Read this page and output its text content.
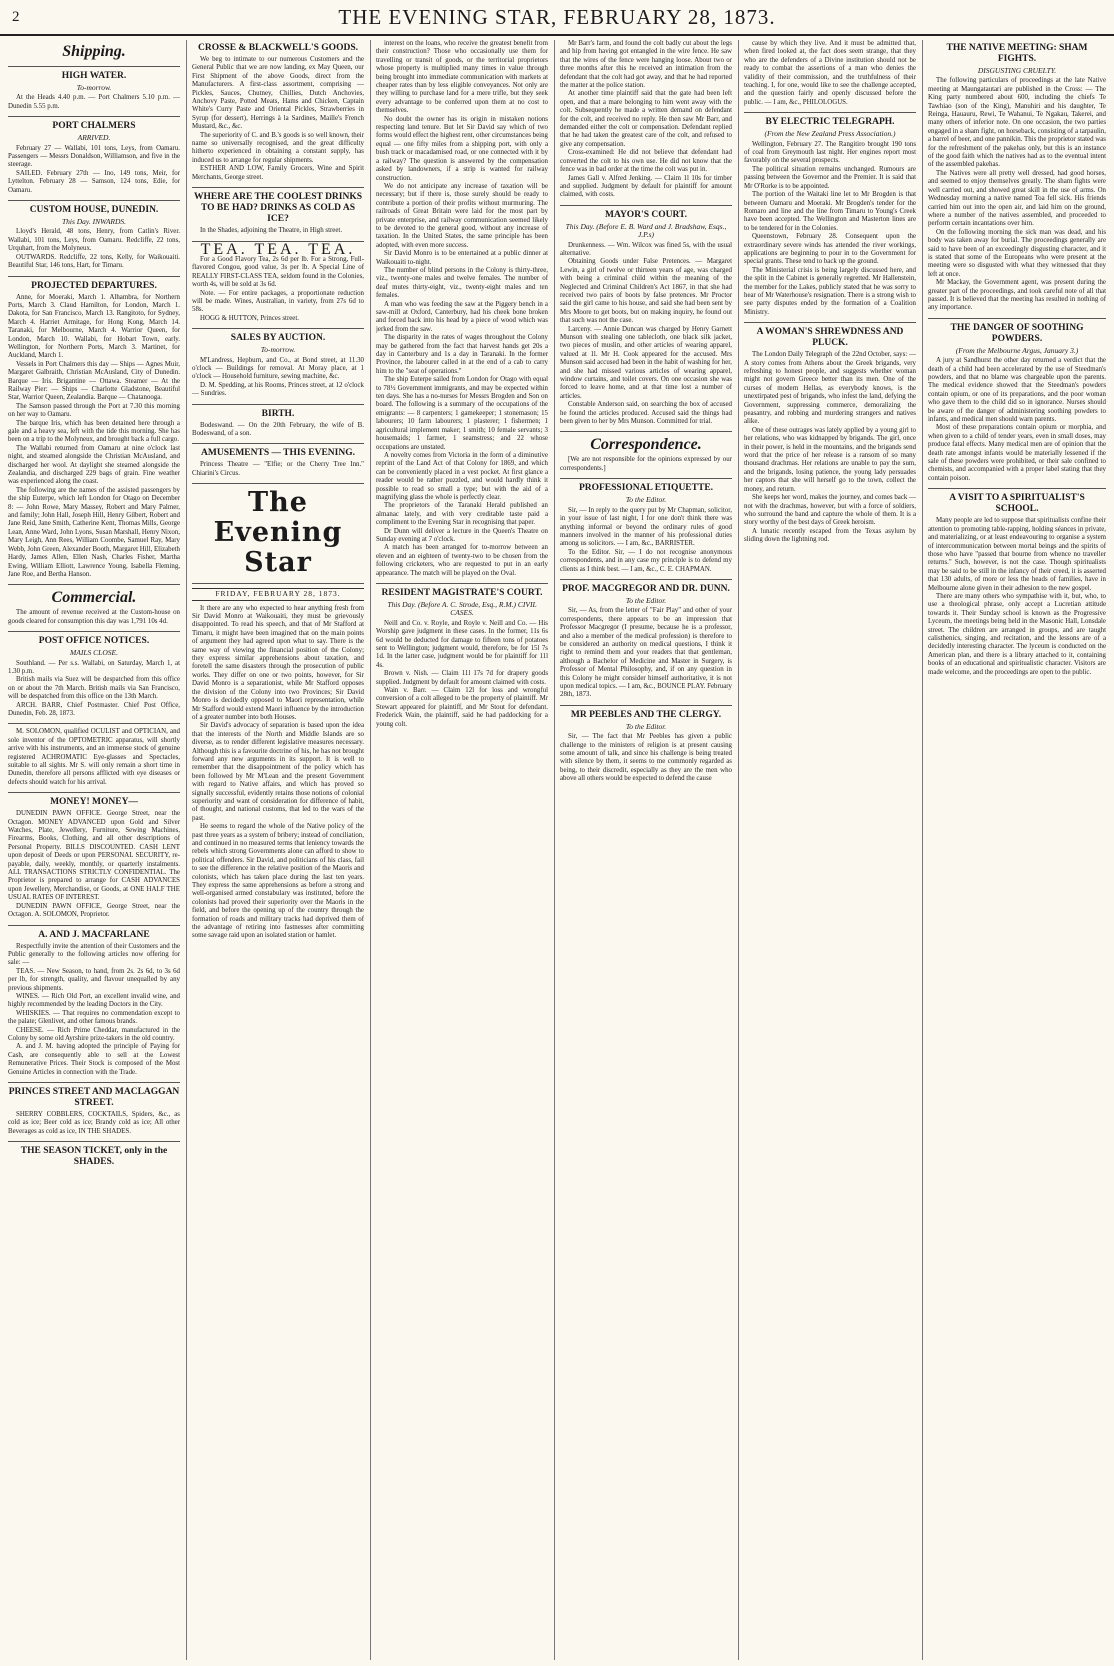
2	THE EVENING STAR, FEBRUARY 28, 1873.
Shipping.
HIGH WATER.
To-morrow.

At the Heads 4.40 p.m. — Port Chalmers 5.10 p.m. — Dunedin 5.55 p.m.

PORT CHALMERS
ARRIVED.

February 27 — Wallabi, 101 tons, Leys, from Oamaru. Passengers — Messrs Donaldson, Williamson, and five in the steerage.

SAILED. February 27th — Ino, 149 tons, Meir, for Lyttelton. February 28 — Samson, 124 tons, Edie, for Oamaru.

CUSTOM HOUSE, DUNEDIN.
This Day. INWARDS.

Lloyd's Herald, 48 tons, Henry, from Catlin's River. Wallabi, 101 tons, Leys, from Oamaru. Redcliffe, 22 tons, Urquhart, from the Molyneux.

OUTWARDS. Redcliffe, 22 tons, Kelly, for Waikouaiti. Beautiful Star, 146 tons, Hart, for Timaru.

PROJECTED DEPARTURES.

Anne, for Moeraki, March 1. Alhambra, for Northern Ports, March 3. Claud Hamilton, for London, March 1. Dakota, for San Francisco, March 13. Rangitoto, for Sydney, March 4. Harriet Armitage, for Hong Kong, March 14. Taranaki, for Melbourne, March 4. Warrior Queen, for London, March 10. Wallabi, for Hobart Town, early. Wellington, for Northern Ports, March 3. Martinet, for Auckland, March 1.

Vessels in Port Chalmers this day — Ships — Agnes Muir, Margaret Galbraith, Christian McAusland, City of Dunedin. Barque — Iris. Brigantine — Ottawa. Steamer — At the Railway Pier: — Ships — Charlotte Gladstone, Beautiful Star, Warrior Queen, Zealandia. Barque — Chatanooga.

The Samson passed through the Port at 7.30 this morning on her way to Oamaru.

The barque Iris, which has been detained here through a gale and a heavy sea, left with the tide this morning. She has been on a trip to the Molyneux, and brought back a full cargo.

The Wallabi returned from Oamaru at nine o'clock last night, and steamed alongside the Christian McAusland, and discharged her wool. At daylight she steamed alongside the Zealandia, and discharged 229 bags of grain. Fine weather was experienced along the coast.

The following are the names of the assisted passengers by the ship Euterpe, which left London for Otago on December 8: — John Rowe, Mary Massey, Robert and Mary Palmer, and family; John Hall, Joseph Hill, Henry Gilbert, Robert and Jane Reid, Jane Smith, Catherine Kent, Thomas Mills, George Lean, Anne Ward, John Lyons, Susan Marshall, Henry Nixon, Mary Leigh, Ann Rees, William Coombe, Samuel Ray, Mary Webb, John Green, Alexander Booth, Margaret Hill, Elizabeth Hardy, James Allen, Ellen Nash, Charles Fisher, Martha Ewing, William Elliott, Lawrence Young, Isabella Fleming, Jane Roe, and Bertha Hanson.

Commercial.

The amount of revenue received at the Custom-house on goods cleared for consumption this day was 1,791 10s 4d.

POST OFFICE NOTICES.
MAILS CLOSE.

Southland. — Per s.s. Wallabi, on Saturday, March 1, at 1.30 p.m.

British mails via Suez will be despatched from this office on or about the 7th March. British mails via San Francisco, will be despatched from this office on the 13th March.

ARCH. BARR, Chief Postmaster. Chief Post Office, Dunedin, Feb. 28, 1873.

M. SOLOMON, qualified OCULIST and OPTICIAN, and sole inventor of the OPTOMETRIC apparatus, will shortly arrive with his instruments, and an immense stock of genuine registered ACHROMATIC Eye-glasses and Spectacles, suitable to all sights. Mr S. will only remain a short time in Dunedin, therefore all persons afflicted with eye diseases or defects should watch for his arrival.

MONEY! MONEY—

DUNEDIN PAWN OFFICE. George Street, near the Octagon. MONEY ADVANCED upon Gold and Silver Watches, Plate, Jewellery, Furniture, Sewing Machines, Firearms, Books, Clothing, and all other descriptions of Personal Property. BILLS DISCOUNTED. CASH LENT upon deposit of Deeds or upon PERSONAL SECURITY, re-payable, daily, weekly, monthly, or quarterly instalments. ALL TRANSACTIONS STRICTLY CONFIDENTIAL. The Proprietor is prepared to arrange for CASH ADVANCES upon Jewellery, Merchandise, or Goods, at ONE HALF THE USUAL RATES OF INTEREST.

DUNEDIN PAWN OFFICE, George Street, near the Octagon. A. SOLOMON, Proprietor.

A. AND J. MACFARLANE

Respectfully invite the attention of their Customers and the Public generally to the following articles now offering for sale: —

TEAS. — New Season, to hand, from 2s. 2s 6d, to 3s 6d per lb, for strength, quality, and flavour unequalled by any previous shipments.

WINES. — Rich Old Port, an excellent invalid wine, and highly recommended by the leading Doctors in the City.

WHISKIES. — That requires no commendation except to the palate; Glenlivet, and other famous brands.

CHEESE. — Rich Prime Cheddar, manufactured in the Colony by some old Ayrshire prize-takers in the old country.

A. and J. M. having adopted the principle of Paying for Cash, are consequently able to sell at the Lowest Remunerative Prices. Their Stock is composed of the Most Genuine Articles in connection with the Trade.

PRINCES STREET AND MACLAGGAN STREET.

SHERRY COBBLERS, COCKTAILS, Spiders, &c., as cold as ice; Beer cold as ice; Brandy cold as ice; All other Beverages as cold as ice, IN THE SHADES.

THE SEASON TICKET, only in the SHADES.
CROSSE & BLACKWELL'S GOODS.

We beg to intimate to our numerous Customers and the General Public that we are now landing, ex May Queen, our First Shipment of the above Goods, direct from the Manufacturers. A first-class assortment, comprising — Pickles, Sauces, Chutney, Chillies, Dutch Anchovies, Anchovy Paste, Potted Meats, Hams and Chicken, Captain White's Curry Paste and Oriental Pickles, Strawberries in Syrup (for dessert), Herrings à la Sardines, Maille's French Mustard, &c., &c.

The superiority of C. and B.'s goods is so well known, their name so universally recognised, and the great difficulty hitherto experienced in obtaining a constant supply, has induced us to arrange for regular shipments.

ESTHER AND LOW, Family Grocers, Wine and Spirit Merchants, George street.

WHERE ARE THE COOLEST DRINKS TO BE HAD? DRINKS AS COLD AS ICE?

In the Shades, adjoining the Theatre, in High street.

TEA. TEA. TEA.

For a Good Flavory Tea, 2s 6d per lb. For a Strong, Full-flavored Congou, good value, 3s per lb. A Special Line of REALLY FIRST-CLASS TEA, seldom found in the Colonies, worth 4s, will be sold at 3s 6d.

Note. — For entire packages, a proportionate reduction will be made. Wines, Australian, in variety, from 27s 6d to 58s.

HOGG & HUTTON, Princes street.

SALES BY AUCTION.
To-morrow.

M'Landress, Hepburn, and Co., at Bond street, at 11.30 o'clock — Buildings for removal. At Moray place, at 1 o'clock — Household furniture, sewing machine, &c.

D. M. Spedding, at his Rooms, Princes street, at 12 o'clock — Sundries.

BIRTH.

Bodeswand. — On the 20th February, the wife of B. Bodeswand, of a son.

AMUSEMENTS — THIS EVENING.

Princess Theatre — "Elfie; or the Cherry Tree Inn." Chiarini's Circus.

The Evening Star
FRIDAY, FEBRUARY 28, 1873.

It there are any who expected to hear anything fresh from Sir David Monro at Waikouaiti, they must be grievously disappointed. To read his speech, and that of Mr Stafford at Timaru, it might have been imagined that on the main points of argument they had agreed upon what to say. There is the same way of viewing the financial position of the Colony; they express similar apprehensions about taxation, and foretell the same disasters through the prosecution of public works. They differ on one or two points, however, for Sir David Monro is a separationist, while Mr Stafford opposes the division of the Colony into two Provinces; Sir David Monro is decidedly opposed to Maori representation, while Mr Stafford would extend Maori influence by the introduction of a greater number into both Houses.

Sir David's advocacy of separation is based upon the idea that the interests of the North and Middle Islands are so diverse, as to render different legislative measures necessary. Although this is a favourite doctrine of his, he has not brought forward any new arguments in its support. It is well to remember that the disappointment of the policy which has been followed by Mr M'Lean and the present Government with regard to Native affairs, and which has proved so signally successful, evidently retains those notions of colonial superiority and want of consideration for difference of habit, of thought, and national customs, that led to the wars of the past.

He seems to regard the whole of the Native policy of the past three years as a system of bribery; instead of conciliation, and continued in no measured terms that leniency towards the rebels which strong Governments alone can afford to show to political offenders. Sir David, and politicians of his class, fail to see the difference in the relative position of the Maoris and colonists, which has taken place during the last ten years. They express the same apprehensions as before a strong and well-organised armed constabulary was instituted, before the colonists had proved their superiority over the Maoris in the field, and before the opening up of the country through the formation of roads and military tracks had deprived them of the advantage of retiring into fastnesses after committing some savage raid upon an isolated station or hamlet.

interest on the loans, who receive the greatest benefit from their construction? Those who occasionally use them for travelling or transit of goods, or the territorial proprietors whose property is multiplied many times in value through being brought into immediate communication with markets at cheaper rates than by less eligible conveyances. Not only are they willing to purchase land for a mere trifle, but they seek every advantage to be conferred upon them at no cost to themselves.

No doubt the owner has its origin in mistaken notions respecting land tenure. But let Sir David say which of two forms would effect the highest rent, other circumstances being equal — one fifty miles from a shipping port, with only a bush track or macadamised road, or one connected with it by a railway? The question is answered by the compensation asked by landowners, if a strip is wanted for railway construction.

We do not anticipate any increase of taxation will be necessary; but if there is, those surely should be ready to contribute a portion of their profits without murmuring. The railroads of Great Britain were laid for the most part by private enterprise, and railway communication seemed likely to be devoted to the general good, without any increase of taxation. In the United States, the same principle has been adopted, with even more success.

Sir David Monro is to be entertained at a public dinner at Waikouaiti to-night.

The number of blind persons in the Colony is thirty-three, viz., twenty-one males and twelve females. The number of deaf mutes thirty-eight, viz., twenty-eight males and ten females.

A man who was feeding the saw at the Piggery bench in a saw-mill at Oxford, Canterbury, had his cheek bone broken and forced back into his head by a piece of wood which was jerked from the saw.

The disparity in the rates of wages throughout the Colony may be gathered from the fact that harvest hands get 20s a day in Canterbury and 1s a day in Taranaki. In the former Province, the labourer called in at the end of a cab to carry him to the "seat of operations."

The ship Euterpe sailed from London for Otago with equal to 78½ Government immigrants, and may be expected within ten days. She has a no-nurses for Messrs Brogden and Son on board. The following is a summary of the occupations of the emigrants: — 8 carpenters; 1 gamekeeper; 1 stonemason; 15 labourers; 10 farm labourers; 1 plasterer; 1 fishermen; 1 agricultural implement maker; 1 smith; 10 female servants; 3 housemaids; 1 farmer, 1 seamstress; and 22 whose occupations are unstated.

A novelty comes from Victoria in the form of a diminutive reprint of the Land Act of that Colony for 1869, and which can be conveniently placed in a vest pocket. At first glance a reader would be rather puzzled, and would hardly think it possible to read so small a type; but with the aid of a magnifying glass the whole is perfectly clear.

The proprietors of the Taranaki Herald published an almanac lately, and with very creditable taste paid a compliment to the Evening Star in recognising that paper.

Dr Dunn will deliver a lecture in the Queen's Theatre on Sunday evening at 7 o'clock.

A match has been arranged for to-morrow between an eleven and an eighteen of twenty-two to be chosen from the following cricketers, who are requested to put in an early appearance. The match will be played on the Oval.

RESIDENT MAGISTRATE'S COURT.
This Day. (Before A. C. Strode, Esq., R.M.) CIVIL CASES.

Neill and Co. v. Royle, and Royle v. Neill and Co. — His Worship gave judgment in these cases. In the former, 11s 6s 6d would be deducted for damage to fifteen tons of potatoes sent to Wellington; judgment would, therefore, be for 15l 7s 1d. In the latter case, judgment would be for plaintiff for 11l 4s.

Brown v. Nish. — Claim 11l 17s 7d for drapery goods supplied. Judgment by default for amount claimed with costs.

Wain v. Barr. — Claim 12l for loss and wrongful conversion of a colt alleged to be the property of plaintiff. Mr Stewart appeared for plaintiff, and Mr Stout for defendant. Frederick Wain, the plaintiff, said he had paddocking for a young colt.

Mr Barr's farm, and found the colt badly cut about the legs and hip from having got entangled in the wire fence. He saw that the wires of the fence were hanging loose. About two or three months after this he received an intimation from the defendant that the colt had got away, and that he had reported the matter at the police station.

At another time plaintiff said that the gate had been left open, and that a mare belonging to him went away with the colt. Subsequently he made a written demand on defendant for the colt, and received no reply. He then saw Mr Barr, and demanded either the colt or compensation. Defendant replied that he had taken the greatest care of the colt, and refused to give any compensation.

Cross-examined: He did not believe that defendant had converted the colt to his own use. He did not know that the fence was in bad order at the time the colt was put in.

James Gall v. Alfred Jenking. — Claim 1l 10s for timber and supplied. Judgment by default for plaintiff for amount claimed, with costs.

MAYOR'S COURT.
This Day. (Before E. B. Ward and J. Bradshaw, Esqs., J.P.s)

Drunkenness. — Wm. Wilcox was fined 5s, with the usual alternative.

Obtaining Goods under False Pretences. — Margaret Lewin, a girl of twelve or thirteen years of age, was charged with being a criminal child within the meaning of the Neglected and Criminal Children's Act 1867, in that she had received two pairs of boots by false pretences. Mr Proctor said the girl came to his house, and said she had been sent by Mrs Moore to get boots, but on making inquiry, he found out that such was not the case.

Larceny. — Annie Duncan was charged by Henry Garnett Munson with stealing one tablecloth, one black silk jacket, two pieces of muslin, and other articles of wearing apparel, valued at 1l. Mr H. Cook appeared for the accused. Mrs Munson said accused had been in the habit of washing for her, and she had missed various articles of wearing apparel, window curtains, and toilet covers. On one occasion she was forced to leave home, and at that time lost a number of articles.

Constable Anderson said, on searching the box of accused he found the articles produced. Accused said the things had been given to her by Mrs Munson. Committed for trial.

Correspondence.

[We are not responsible for the opinions expressed by our correspondents.]

PROFESSIONAL ETIQUETTE.
To the Editor.

Sir, — In reply to the query put by Mr Chapman, solicitor, in your issue of last night, I for one don't think there was anything informal or beyond the ordinary rules of good manners involved in the manner of his professional duties among us solicitors. — I am, &c., BARRISTER.

To the Editor. Sir, — I do not recognise anonymous correspondents, and in any case my principle is to defend my clients as I think best. — I am, &c., C. E. CHAPMAN.

PROF. MACGREGOR AND DR. DUNN.
To the Editor.

Sir, — As, from the letter of "Fair Play" and other of your correspondents, there appears to be an impression that Professor Macgregor (I presume, because he is a professor, and also a member of the medical profession) is therefore to be considered an authority on medical questions, I think it right to remind them and your readers that that gentleman, although a Bachelor of Medicine and Master in Surgery, is Professor of Mental Philosophy, and, if on any question in this Colony he might consider himself authoritative, it is not upon medical topics. — I am, &c., BOUNCE PLAY. February 28th, 1873.

MR PEEBLES AND THE CLERGY.
To the Editor.

Sir, — The fact that Mr Peebles has given a public challenge to the ministers of religion is at present causing some amount of talk, and since his challenge is being treated with silence by them, it seems to me commonly regarded as being, to their discredit, especially as they are the men who above all others would be expected to defend the cause

cause by which they live. And it must be admitted that, when fired looked at, the fact does seem strange, that they who are the defenders of a Divine institution should not be ready to combat the assertions of a man who denies the validity of their commission, and the truthfulness of their teaching. I, for one, would like to see the challenge accepted, and the question fairly and openly discussed before the public. — I am, &c., PHILOLOGUS.

BY ELECTRIC TELEGRAPH.
(From the New Zealand Press Association.)

Wellington, February 27. The Rangitiro brought 190 tons of coal from Greymouth last night. Her engines report most favorably on the several prospects.

The political situation remains unchanged. Rumours are passing between the Governor and the Premier. It is said that Mr O'Rorke is to be appointed.

The portion of the Waitaki line let to Mr Brogden is that between Oamaru and Moeraki. Mr Brogden's tender for the Romaro and line and the line from Timaru to Young's Creek have been accepted. The Wellington and Masterton lines are to be tendered for in the Colonies.

Queenstown, February 28. Consequent upon the extraordinary severe winds has attended the river workings, applications are beginning to pour in to the Government for special grants. These tend to back up the ground.

The Ministerial crisis is being largely discussed here, and the split in the Cabinet is generally regretted. Mr Hallenstein, the member for the Lakes, publicly stated that he was sorry to hear of Mr Waterhouse's resignation. There is a strong wish to see party disputes ended by the formation of a Coalition Ministry.

A WOMAN'S SHREWDNESS AND PLUCK.

The London Daily Telegraph of the 22nd October, says: — A story comes from Athens about the Greek brigands, very refreshing to honest people, and suggests whether woman might not govern Greece better than its men. One of the curses of modern Hellas, as everybody knows, is the unextirpated pest of brigands, who infest the land, defying the Government, suppressing commerce, demoralizing the peasantry, and robbing and murdering strangers and natives alike.

One of these outrages was lately applied by a young girl to her relations, who was kidnapped by brigands. The girl, once in their power, is held in the mountains, and the brigands send word that the price of her release is a ransom of so many thousand drachmas. Her relations are unable to pay the sum, and the brigands, losing patience, the young lady persuades her captors that she will herself go to the town, collect the money, and return.

She keeps her word, makes the journey, and comes back — not with the drachmas, however, but with a force of soldiers, who surround the band and capture the whole of them. It is a story worthy of the best days of Greek heroism.

A lunatic recently escaped from the Texas asylum by sliding down the lightning rod.

THE NATIVE MEETING: SHAM FIGHTS.
DISGUSTING CRUELTY.

The following particulars of proceedings at the late Native meeting at Maungatautari are published in the Cross: — The King party numbered about 600, including the chiefs Te Tawhiao (son of the King), Manuhiri and his daughter, Te Reinga, Hauauru, Rewi, Te Wahanui, Te Ngakau, Takerei, and many others of inferior note. On one occasion, the two parties engaged in a sham fight, on horseback, consisting of a tarpaulin, a barrel of beer, and one pannikin. This the proprietor stated was for the refreshment of the pakehas only, but this is an instance of the good faith which the natives had as to the eventual intent of the assembled pakehas.

The Natives were all pretty well dressed, had good horses, and seemed to enjoy themselves greatly. The sham fights were well carried out, and showed great skill in the use of arms. On Wednesday morning a native named Toa fell sick. His friends carried him out into the open air, and laid him on the ground, where a number of the natives assembled, and proceeded to perform certain incantations over him.

On the following morning the sick man was dead, and his body was taken away for burial. The proceedings generally are said to have been of an exceedingly disgusting character, and it is stated that some of the Europeans who were present at the meeting were so disgusted with what they witnessed that they left at once.

Mr Mackay, the Government agent, was present during the greater part of the proceedings, and took careful note of all that passed. It is believed that the meeting has resulted in nothing of any importance.

THE DANGER OF SOOTHING POWDERS.
(From the Melbourne Argus, January 3.)

A jury at Sandhurst the other day returned a verdict that the death of a child had been accelerated by the use of Steedman's powders, and that no blame was chargeable upon the parents. The medical evidence showed that the Steedman's powders contain opium, or one of its preparations, and the poor woman who gave them to the child did so in ignorance. Nurses should be aware of the danger of administering soothing powders to infants, and medical men should warn parents.

Most of these preparations contain opium or morphia, and when given to a child of tender years, even in small doses, may produce fatal effects. Many medical men are of opinion that the death rate amongst infants would be materially lessened if the sale of these powders were prohibited, or their sale confined to chemists, and accompanied with a proper label stating that they contain poison.

A VISIT TO A SPIRITUALIST'S SCHOOL.

Many people are led to suppose that spiritualists confine their attention to promoting table-rapping, holding séances in private, and materializing, or at least endeavouring to organise a system of intercommunication between mortal beings and the spirits of those who have "passed that bourne from whence no traveller returns." Such, however, is not the case. Though spiritualists may be said to be still in the infancy of their creed, it is asserted that 130 adults, of more or less the heads of families, have in Melbourne alone given in their adhesion to the new gospel.

There are many others who sympathise with it, but, who, to use a theological phrase, only accept a Lucretian attitude towards it. Their Sunday school is known as the Progressive Lyceum, the meetings being held in the Masonic Hall, Lonsdale street. The children are arranged in groups, and are taught calisthenics, singing, and recitation, and the lessons are of a decidedly interesting character. The lyceum is conducted on the American plan, and there is a library attached to it, containing books of an educational and spiritualistic character. Visitors are made welcome, and the proceedings are open to the public.
